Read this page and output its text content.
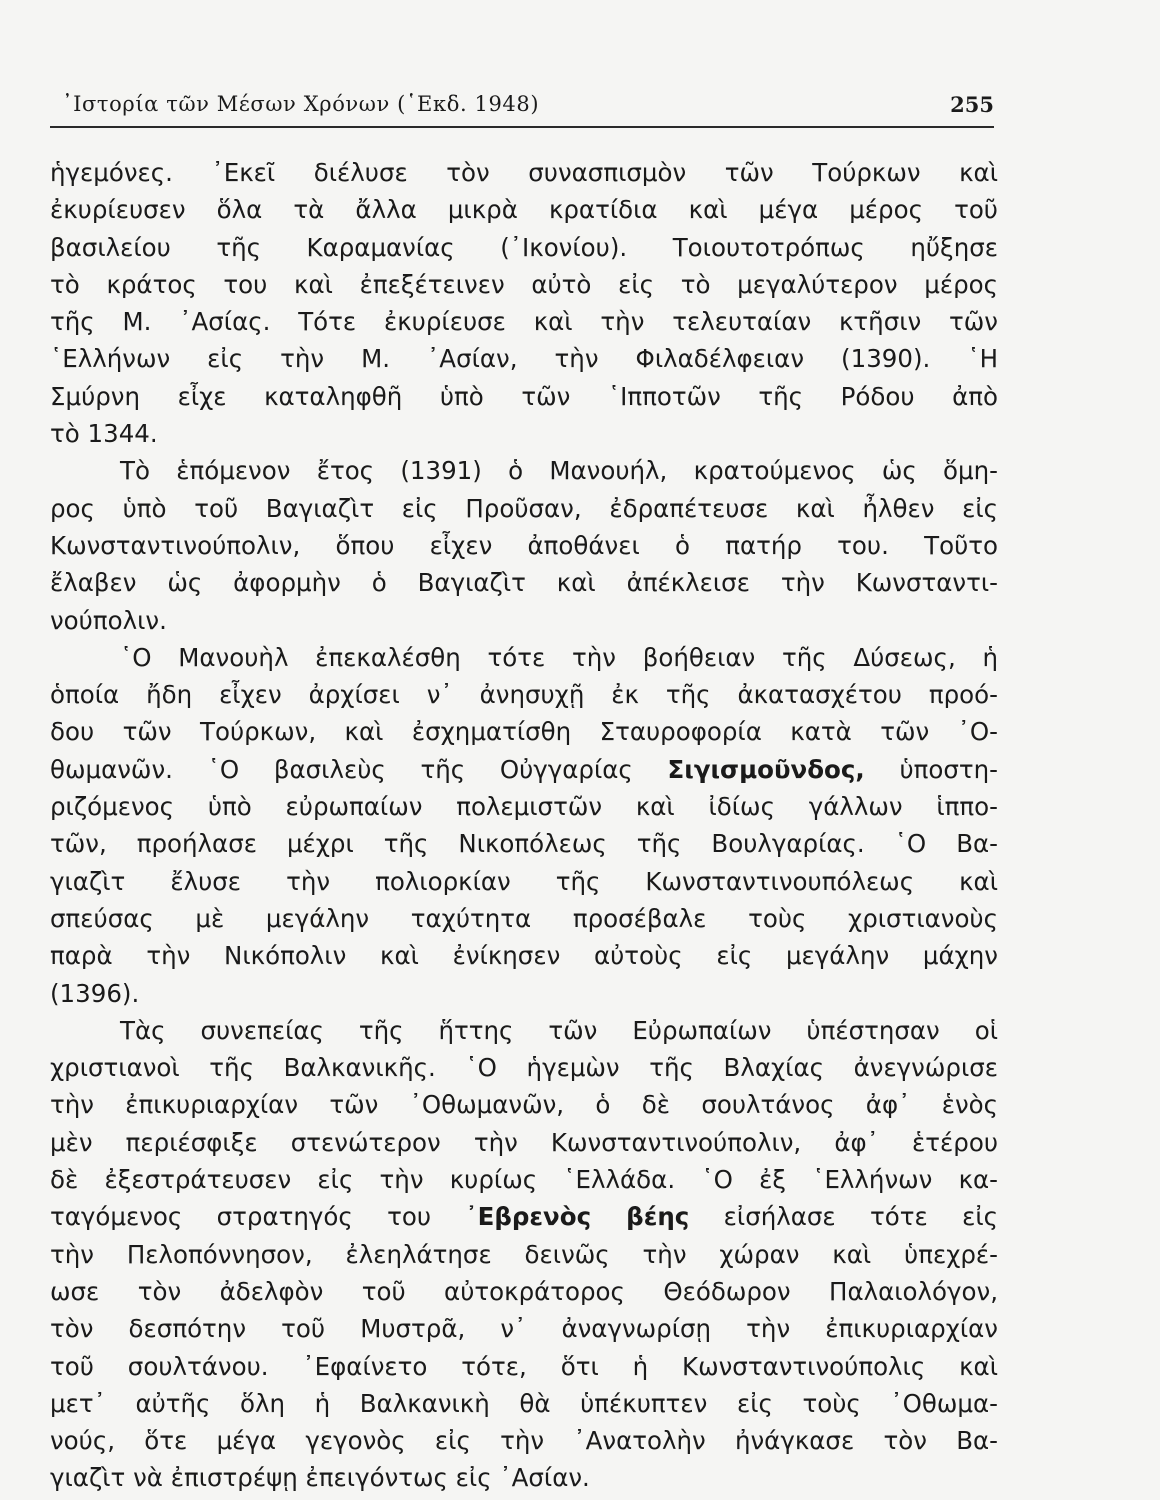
᾿Ιστορία τῶν Μέσων Χρόνων (῾Εκδ. 1948)	255
ἡγεμόνες. ᾿Εκεῖ διέλυσε τὸν συνασπισμὸν τῶν Τούρκων καὶ
ἐκυρίευσεν ὅλα τὰ ἄλλα μικρὰ κρατίδια καὶ μέγα μέρος τοῦ
βασιλείου τῆς Καραμανίας (᾿Ικονίου). Τοιουτοτρόπως ηὔξησε
τὸ κράτος του καὶ ἐπεξέτεινεν αὐτὸ εἰς τὸ μεγαλύτερον μέρος
τῆς Μ. ᾿Ασίας. Τότε ἐκυρίευσε καὶ τὴν τελευταίαν κτῆσιν τῶν
῾Ελλήνων εἰς τὴν Μ. ᾿Ασίαν, τὴν Φιλαδέλφειαν (1390). ῾Η
Σμύρνη εἶχε καταληφθῆ ὑπὸ τῶν ῾Ιπποτῶν τῆς Ρόδου ἀπὸ
τὸ 1344.
Τὸ ἑπόμενον ἔτος (1391) ὁ Μανουήλ, κρατούμενος ὡς ὅμη-
ρος ὑπὸ τοῦ Βαγιαζὶτ εἰς Προῦσαν, ἐδραπέτευσε καὶ ἦλθεν εἰς
Κωνσταντινούπολιν, ὅπου εἶχεν ἀποθάνει ὁ πατήρ του. Τοῦτο
ἔλαβεν ὡς ἀφορμὴν ὁ Βαγιαζὶτ καὶ ἀπέκλεισε τὴν Κωνσταντι-
νούπολιν.
῾Ο Μανουὴλ ἐπεκαλέσθη τότε τὴν βοήθειαν τῆς Δύσεως, ἡ
ὁποία ἤδη εἶχεν ἀρχίσει ν᾿ ἀνησυχῇ ἐκ τῆς ἀκατασχέτου προό-
δου τῶν Τούρκων, καὶ ἐσχηματίσθη Σταυροφορία κατὰ τῶν ᾿Ο-
θωμανῶν. ῾Ο βασιλεὺς τῆς Οὐγγαρίας Σιγισμοῦνδος, ὑποστη-
ριζόμενος ὑπὸ εὐρωπαίων πολεμιστῶν καὶ ἰδίως γάλλων ἱππο-
τῶν, προήλασε μέχρι τῆς Νικοπόλεως τῆς Βουλγαρίας. ῾Ο Βα-
γιαζὶτ ἔλυσε τὴν πολιορκίαν τῆς Κωνσταντινουπόλεως καὶ
σπεύσας μὲ μεγάλην ταχύτητα προσέβαλε τοὺς χριστιανοὺς
παρὰ τὴν Νικόπολιν καὶ ἐνίκησεν αὐτοὺς εἰς μεγάλην μάχην
(1396).
Τὰς συνεπείας τῆς ἥττης τῶν Εὐρωπαίων ὑπέστησαν οἱ
χριστιανοὶ τῆς Βαλκανικῆς. ῾Ο ἡγεμὼν τῆς Βλαχίας ἀνεγνώρισε
τὴν ἐπικυριαρχίαν τῶν ᾿Οθωμανῶν, ὁ δὲ σουλτάνος ἀφ᾿ ἑνὸς
μὲν περιέσφιξε στενώτερον τὴν Κωνσταντινούπολιν, ἀφ᾿ ἑτέρου
δὲ ἐξεστράτευσεν εἰς τὴν κυρίως ῾Ελλάδα. ῾Ο ἐξ ῾Ελλήνων κα-
ταγόμενος στρατηγός του ᾿Εβρενὸς βέης εἰσήλασε τότε εἰς
τὴν Πελοπόννησον, ἐλεηλάτησε δεινῶς τὴν χώραν καὶ ὑπεχρέ-
ωσε τὸν ἀδελφὸν τοῦ αὐτοκράτορος Θεόδωρον Παλαιολόγον,
τὸν δεσπότην τοῦ Μυστρᾶ, ν᾿ ἀναγνωρίσῃ τὴν ἐπικυριαρχίαν
τοῦ σουλτάνου. ᾿Εφαίνετο τότε, ὅτι ἡ Κωνσταντινούπολις καὶ
μετ᾿ αὐτῆς ὅλη ἡ Βαλκανικὴ θὰ ὑπέκυπτεν εἰς τοὺς ᾿Οθωμα-
νούς, ὅτε μέγα γεγονὸς εἰς τὴν ᾿Ανατολὴν ἠνάγκασε τὸν Βα-
γιαζὶτ νὰ ἐπιστρέψῃ ἐπειγόντως εἰς ᾿Ασίαν.
